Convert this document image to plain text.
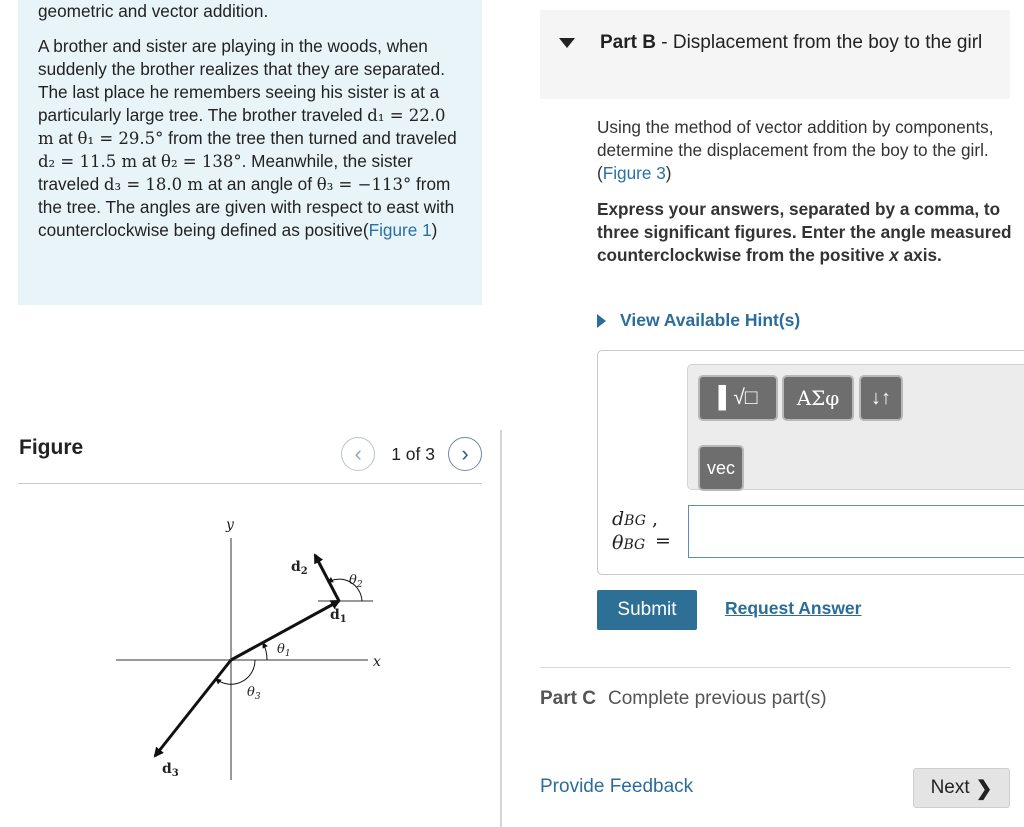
geometric and vector addition.

A brother and sister are playing in the woods, when suddenly the brother realizes that they are separated. The last place he remembers seeing his sister is at a particularly large tree. The brother traveled d₁ = 22.0 m at θ₁ = 29.5° from the tree then turned and traveled d₂ = 11.5 m at θ₂ = 138°. Meanwhile, the sister traveled d₃ = 18.0 m at an angle of θ₃ = −113° from the tree. The angles are given with respect to east with counterclockwise being defined as positive(Figure 1)

Figure	‹ 1 of 3 ›
y
x
$d_1$
$d_2$
$d_3$
$\theta_1$
$\theta_2$
$\theta_3$
Part B - Displacement from the boy to the girl
Using the method of vector addition by components, determine the displacement from the boy to the girl.(Figure 3)
Express your answers, separated by a comma, to three significant figures. Enter the angle measured counterclockwise from the positive x axis.
View Available Hint(s)
▌√□ ΑΣφ ↓↑
vec
dBG ,
θBG =
Submit	Request Answer
Part C Complete previous part(s)
Provide Feedback	Next ❯
